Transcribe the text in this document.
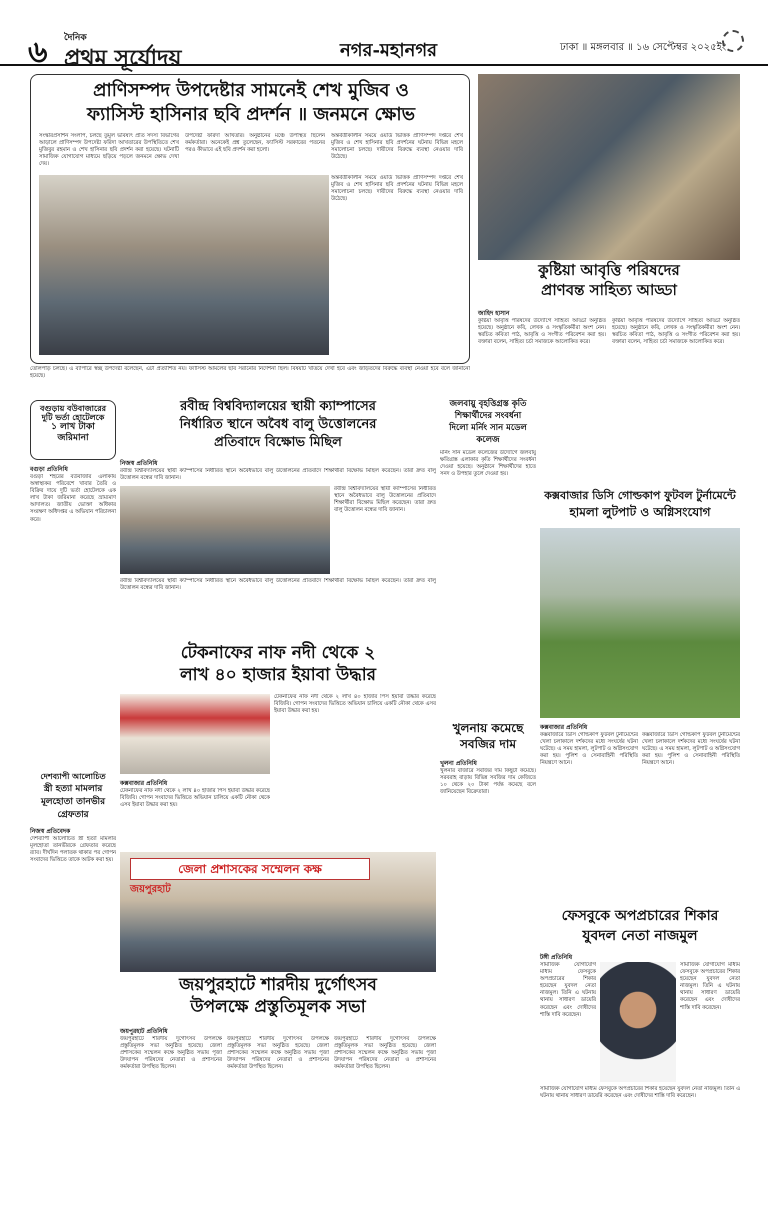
৬ দৈনিক
প্রথম সূর্যোদয়	নগর-মহানগর	ঢাকা ॥ মঙ্গলবার ॥ ১৬ সেপ্টেম্বর ২০২৫ইং
প্রাণিসম্পদ উপদেষ্টার সামনেই শেখ মুজিব ও
ফ্যাসিস্ট হাসিনার ছবি প্রদর্শন ॥ জনমনে ক্ষোভ
সংস্কারপ্রসাশন সংলাপ, চলছে তুমুল ভবিষ্যৎ প্রতি সদস্য বিভাগের আড়ালে প্রাণিসম্পদ উপদেষ্টা ফরিদা আখতারের উপস্থিতিতে শেখ মুজিবুর রহমান ও শেখ হাসিনার ছবি প্রদর্শন করা হয়েছে। ঘটনাটি সামাজিক যোগাযোগ মাধ্যমে ছড়িয়ে পড়লে জনমনে ক্ষোভ দেখা দেয়।
উপদেষ্টা ফরিদা আখতার। অনুষ্ঠানের মঞ্চে উপস্থিত ছিলেন কর্মকর্তারা। অনেকেই প্রশ্ন তুলেছেন, ফ্যাসিস্ট সরকারের পতনের পরও কীভাবে এই ছবি প্রদর্শন করা হলো।
অন্তর্বর্তীকালীন সময়ে ওয়ার্ড ভিত্তিক প্রাণিসম্পদ দপ্তরে শেখ মুজিব ও শেখ হাসিনার ছবি প্রদর্শনের ঘটনায় বিভিন্ন মহলে সমালোচনা চলছে। দায়ীদের বিরুদ্ধে ব্যবস্থা নেওয়ার দাবি উঠেছে।
অন্তর্বর্তীকালীন সময়ে ওয়ার্ড ভিত্তিক প্রাণিসম্পদ দপ্তরে শেখ মুজিব ও শেখ হাসিনার ছবি প্রদর্শনের ঘটনায় বিভিন্ন মহলে সমালোচনা চলছে। দায়ীদের বিরুদ্ধে ব্যবস্থা নেওয়ার দাবি উঠেছে।
তোলপাড় চলছে। এ ব্যাপারে স্বচ্ছ উপদেষ্টা বলেছেন, এটা প্রত্যাশিত নয়। ফ্যাসিস্ট আমলের ছবি সরানোর নির্দেশনা ছিল। বিষয়টি খতিয়ে দেখা হবে এবং জড়িতদের বিরুদ্ধে ব্যবস্থা নেওয়া হবে বলে জানানো হয়েছে।
কুষ্টিয়া আবৃত্তি পরিষদের
প্রাণবন্ত সাহিত্য আড্ডা
জাহিদ হাসান
কুষ্টিয়া আবৃত্তি পরিষদের উদ্যোগে সাহিত্য আড্ডা অনুষ্ঠিত হয়েছে। অনুষ্ঠানে কবি, লেখক ও সংস্কৃতিকর্মীরা অংশ নেন। স্বরচিত কবিতা পাঠ, আবৃত্তি ও সংগীত পরিবেশন করা হয়। বক্তারা বলেন, সাহিত্য চর্চা সমাজকে আলোকিত করে।
কুষ্টিয়া আবৃত্তি পরিষদের উদ্যোগে সাহিত্য আড্ডা অনুষ্ঠিত হয়েছে। অনুষ্ঠানে কবি, লেখক ও সংস্কৃতিকর্মীরা অংশ নেন। স্বরচিত কবিতা পাঠ, আবৃত্তি ও সংগীত পরিবেশন করা হয়। বক্তারা বলেন, সাহিত্য চর্চা সমাজকে আলোকিত করে।
বগুড়ায় বউবাজারের
দুটি ভর্তা হোটেলকে
১ লাখ টাকা
জরিমানা
বগুড়া প্রতিনিধি
বগুড়া শহরের বউবাজার এলাকায় অস্বাস্থ্যকর পরিবেশে খাবার তৈরি ও বিক্রির দায়ে দুটি ভর্তা হোটেলকে এক লাখ টাকা জরিমানা করেছে ভ্রাম্যমাণ আদালত। জাতীয় ভোক্তা অধিকার সংরক্ষণ অধিদপ্তর এ অভিযান পরিচালনা করে।
রবীন্দ্র বিশ্ববিদ্যালয়ের স্থায়ী ক্যাম্পাসের
নির্ধারিত স্থানে অবৈধ বালু উত্তোলনের
প্রতিবাদে বিক্ষোভ মিছিল
নিজস্ব প্রতিনিধি
রবীন্দ্র বিশ্ববিদ্যালয়ের স্থায়ী ক্যাম্পাসের নির্ধারিত স্থানে অবৈধভাবে বালু উত্তোলনের প্রতিবাদে শিক্ষার্থীরা বিক্ষোভ মিছিল করেছেন। তারা দ্রুত বালু উত্তোলন বন্ধের দাবি জানান।
রবীন্দ্র বিশ্ববিদ্যালয়ের স্থায়ী ক্যাম্পাসের নির্ধারিত স্থানে অবৈধভাবে বালু উত্তোলনের প্রতিবাদে শিক্ষার্থীরা বিক্ষোভ মিছিল করেছেন। তারা দ্রুত বালু উত্তোলন বন্ধের দাবি জানান।
রবীন্দ্র বিশ্ববিদ্যালয়ের স্থায়ী ক্যাম্পাসের নির্ধারিত স্থানে অবৈধভাবে বালু উত্তোলনের প্রতিবাদে শিক্ষার্থীরা বিক্ষোভ মিছিল করেছেন। তারা দ্রুত বালু উত্তোলন বন্ধের দাবি জানান।
জলবায়ু বৃহত্তিগ্রস্ত কৃতি
শিক্ষার্থীদের সংবর্ধনা
দিলো মর্নিং সান মডেল
কলেজ
মর্নিং সান মডেল কলেজের উদ্যোগে জলবায়ু ক্ষতিগ্রস্ত এলাকার কৃতি শিক্ষার্থীদের সংবর্ধনা দেওয়া হয়েছে। অনুষ্ঠানে শিক্ষার্থীদের হাতে সনদ ও উপহার তুলে দেওয়া হয়।
কক্সবাজার ডিসি গোল্ডকাপ ফুটবল টুর্নামেন্টে
হামলা লুটপাট ও অগ্নিসংযোগ
কক্সবাজার প্রতিনিধি
কক্সবাজারে ডিসি গোল্ডকাপ ফুটবল টুর্নামেন্টের খেলা চলাকালে দর্শকদের মধ্যে সংঘর্ষের ঘটনা ঘটেছে। এ সময় হামলা, লুটপাট ও অগ্নিসংযোগ করা হয়। পুলিশ ও সেনাবাহিনী পরিস্থিতি নিয়ন্ত্রণে আনে।
কক্সবাজারে ডিসি গোল্ডকাপ ফুটবল টুর্নামেন্টের খেলা চলাকালে দর্শকদের মধ্যে সংঘর্ষের ঘটনা ঘটেছে। এ সময় হামলা, লুটপাট ও অগ্নিসংযোগ করা হয়। পুলিশ ও সেনাবাহিনী পরিস্থিতি নিয়ন্ত্রণে আনে।
টেকনাফের নাফ নদী থেকে ২
লাখ ৪০ হাজার ইয়াবা উদ্ধার
কক্সবাজার প্রতিনিধি
টেকনাফের নাফ নদী থেকে ২ লাখ ৪০ হাজার পিস ইয়াবা উদ্ধার করেছে বিজিবি। গোপন সংবাদের ভিত্তিতে অভিযান চালিয়ে একটি নৌকা থেকে এসব ইয়াবা উদ্ধার করা হয়।
টেকনাফের নাফ নদী থেকে ২ লাখ ৪০ হাজার পিস ইয়াবা উদ্ধার করেছে বিজিবি। গোপন সংবাদের ভিত্তিতে অভিযান চালিয়ে একটি নৌকা থেকে এসব ইয়াবা উদ্ধার করা হয়।
খুলনায় কমেছে
সবজির দাম
খুলনা প্রতিনিধি
খুলনার বাজারে সবজির দাম কিছুটা কমেছে। সরবরাহ বাড়ায় বিভিন্ন সবজির দাম কেজিতে ১০ থেকে ২০ টাকা পর্যন্ত কমেছে বলে জানিয়েছেন বিক্রেতারা।
দেশব্যাপী আলোচিত
স্ত্রী হত্যা মামলার
মূলহোতা তানভীর
গ্রেফতার
নিজস্ব প্রতিবেদক
দেশব্যাপী আলোচিত স্ত্রী হত্যা মামলার মূলহোতা তানভীরকে গ্রেফতার করেছে র‍্যাব। দীর্ঘদিন পলাতক থাকার পর গোপন সংবাদের ভিত্তিতে তাকে আটক করা হয়।
জেলা প্রশাসকের সম্মেলন কক্ষ
জয়পুরহাট
জয়পুরহাটে শারদীয় দুর্গোৎসব
উপলক্ষে প্রস্তুতিমূলক সভা
জয়পুরহাট প্রতিনিধি
জয়পুরহাটে শারদীয় দুর্গোৎসব উপলক্ষে প্রস্তুতিমূলক সভা অনুষ্ঠিত হয়েছে। জেলা প্রশাসকের সম্মেলন কক্ষে অনুষ্ঠিত সভায় পূজা উদযাপন পরিষদের নেতারা ও প্রশাসনের কর্মকর্তারা উপস্থিত ছিলেন।
জয়পুরহাটে শারদীয় দুর্গোৎসব উপলক্ষে প্রস্তুতিমূলক সভা অনুষ্ঠিত হয়েছে। জেলা প্রশাসকের সম্মেলন কক্ষে অনুষ্ঠিত সভায় পূজা উদযাপন পরিষদের নেতারা ও প্রশাসনের কর্মকর্তারা উপস্থিত ছিলেন।
জয়পুরহাটে শারদীয় দুর্গোৎসব উপলক্ষে প্রস্তুতিমূলক সভা অনুষ্ঠিত হয়েছে। জেলা প্রশাসকের সম্মেলন কক্ষে অনুষ্ঠিত সভায় পূজা উদযাপন পরিষদের নেতারা ও প্রশাসনের কর্মকর্তারা উপস্থিত ছিলেন।
ফেসবুকে অপপ্রচারের শিকার
যুবদল নেতা নাজমুল
টঙ্গী প্রতিনিধি
সামাজিক যোগাযোগ মাধ্যম ফেসবুকে অপপ্রচারের শিকার হয়েছেন যুবদল নেতা নাজমুল। তিনি এ ঘটনায় থানায় সাধারণ ডায়েরি করেছেন এবং দোষীদের শাস্তি দাবি করেছেন।
সামাজিক যোগাযোগ মাধ্যম ফেসবুকে অপপ্রচারের শিকার হয়েছেন যুবদল নেতা নাজমুল। তিনি এ ঘটনায় থানায় সাধারণ ডায়েরি করেছেন এবং দোষীদের শাস্তি দাবি করেছেন।
সামাজিক যোগাযোগ মাধ্যম ফেসবুকে অপপ্রচারের শিকার হয়েছেন যুবদল নেতা নাজমুল। তিনি এ ঘটনায় থানায় সাধারণ ডায়েরি করেছেন এবং দোষীদের শাস্তি দাবি করেছেন।
